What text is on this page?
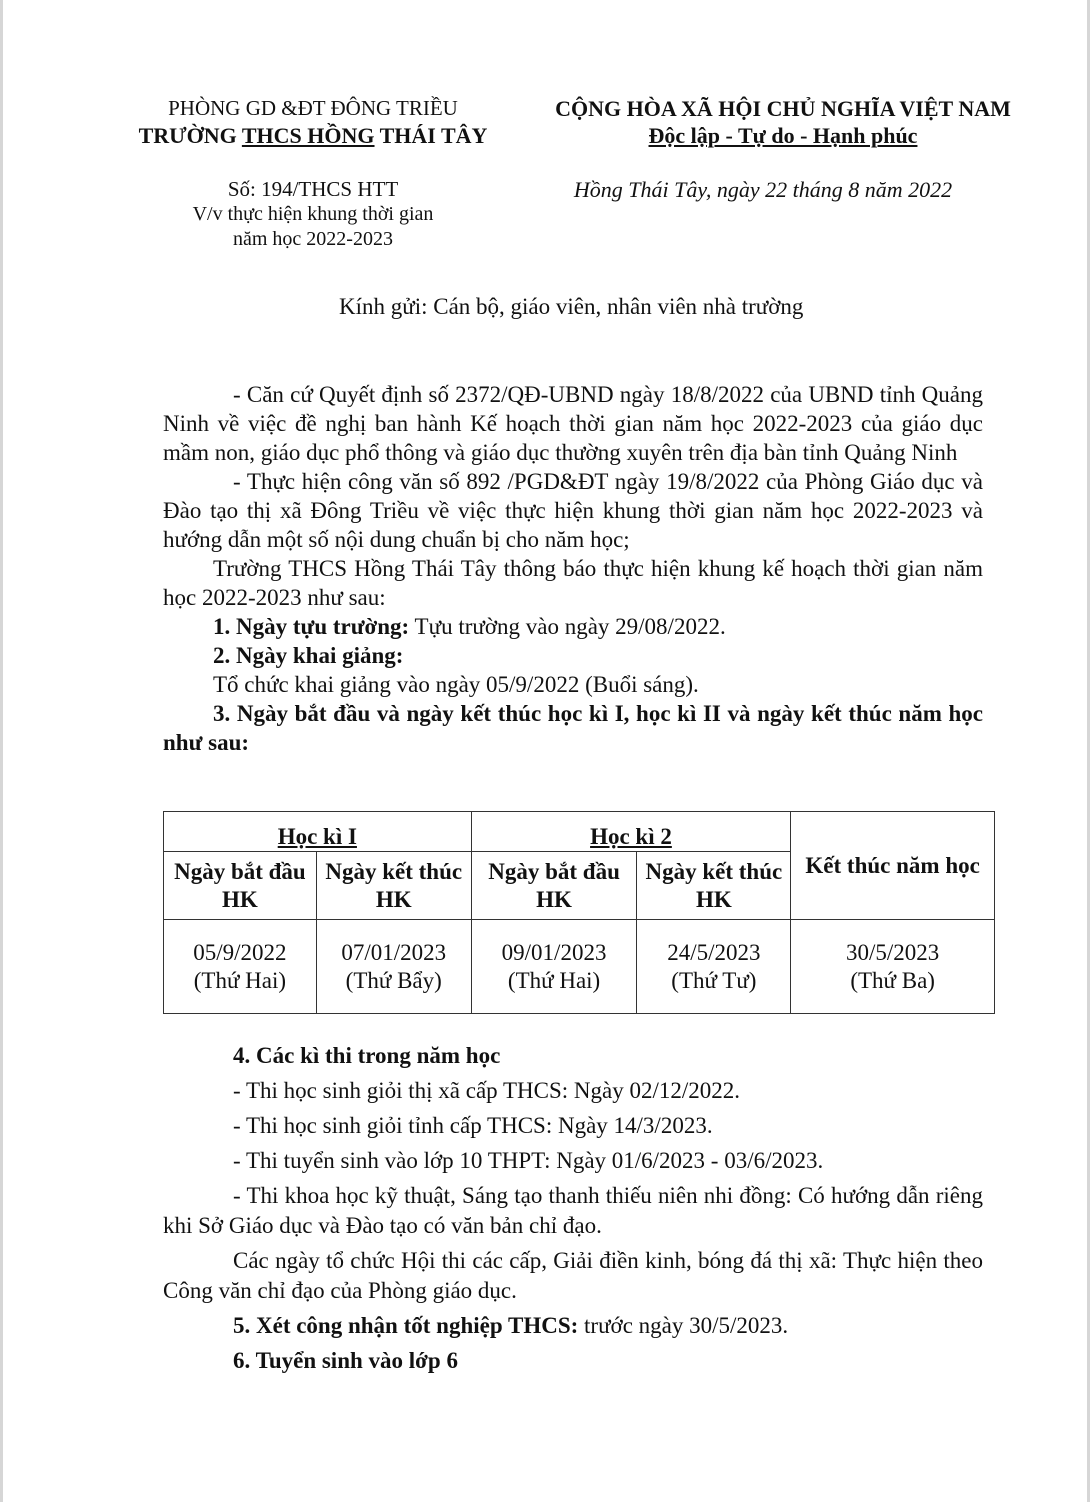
PHÒNG GD &ĐT ĐÔNG TRIỀU
TRƯỜNG THCS HỒNG THÁI TÂY
CỘNG HÒA XÃ HỘI CHỦ NGHĨA VIỆT NAM
Độc lập - Tự do - Hạnh phúc
Số: 194/THCS HTT
V/v thực hiện khung thời gian
năm học 2022-2023
Hồng Thái Tây, ngày 22 tháng 8 năm 2022
Kính gửi: Cán bộ, giáo viên, nhân viên nhà trường

- Căn cứ Quyết định số 2372/QĐ-UBND ngày 18/8/2022 của UBND tỉnh Quảng Ninh về việc đề nghị ban hành Kế hoạch thời gian năm học 2022-2023 của giáo dục mầm non, giáo dục phổ thông và giáo dục thường xuyên trên địa bàn tỉnh Quảng Ninh

- Thực hiện công văn số 892 /PGD&ĐT ngày 19/8/2022 của Phòng Giáo dục và Đào tạo thị xã Đông Triều về việc thực hiện khung thời gian năm học 2022-2023 và hướng dẫn một số nội dung chuẩn bị cho năm học;

Trường THCS Hồng Thái Tây thông báo thực hiện khung kế hoạch thời gian năm học 2022-2023 như sau:

1. Ngày tựu trường: Tựu trường vào ngày 29/08/2022.

2. Ngày khai giảng:

Tổ chức khai giảng vào ngày 05/9/2022 (Buổi sáng).

3. Ngày bắt đầu và ngày kết thúc học kì I, học kì II và ngày kết thúc năm học như sau:

Học kì I		Học kì 2		Kết thúc năm học
Ngày bắt đầu
HK	Ngày kết thúc
HK	Ngày bắt đầu
HK	Ngày kết thúc
HK	
05/9/2022
(Thứ Hai)	07/01/2023
(Thứ Bẩy)	09/01/2023
(Thứ Hai)	24/5/2023
(Thứ Tư)	30/5/2023
(Thứ Ba)

4. Các kì thi trong năm học

- Thi học sinh giỏi thị xã cấp THCS: Ngày 02/12/2022.

- Thi học sinh giỏi tỉnh cấp THCS: Ngày 14/3/2023.

- Thi tuyển sinh vào lớp 10 THPT: Ngày 01/6/2023 - 03/6/2023.

- Thi khoa học kỹ thuật, Sáng tạo thanh thiếu niên nhi đồng: Có hướng dẫn riêng khi Sở Giáo dục và Đào tạo có văn bản chỉ đạo.

Các ngày tổ chức Hội thi các cấp, Giải điền kinh, bóng đá thị xã: Thực hiện theo Công văn chỉ đạo của Phòng giáo dục.

5. Xét công nhận tốt nghiệp THCS: trước ngày 30/5/2023.

6. Tuyển sinh vào lớp 6
